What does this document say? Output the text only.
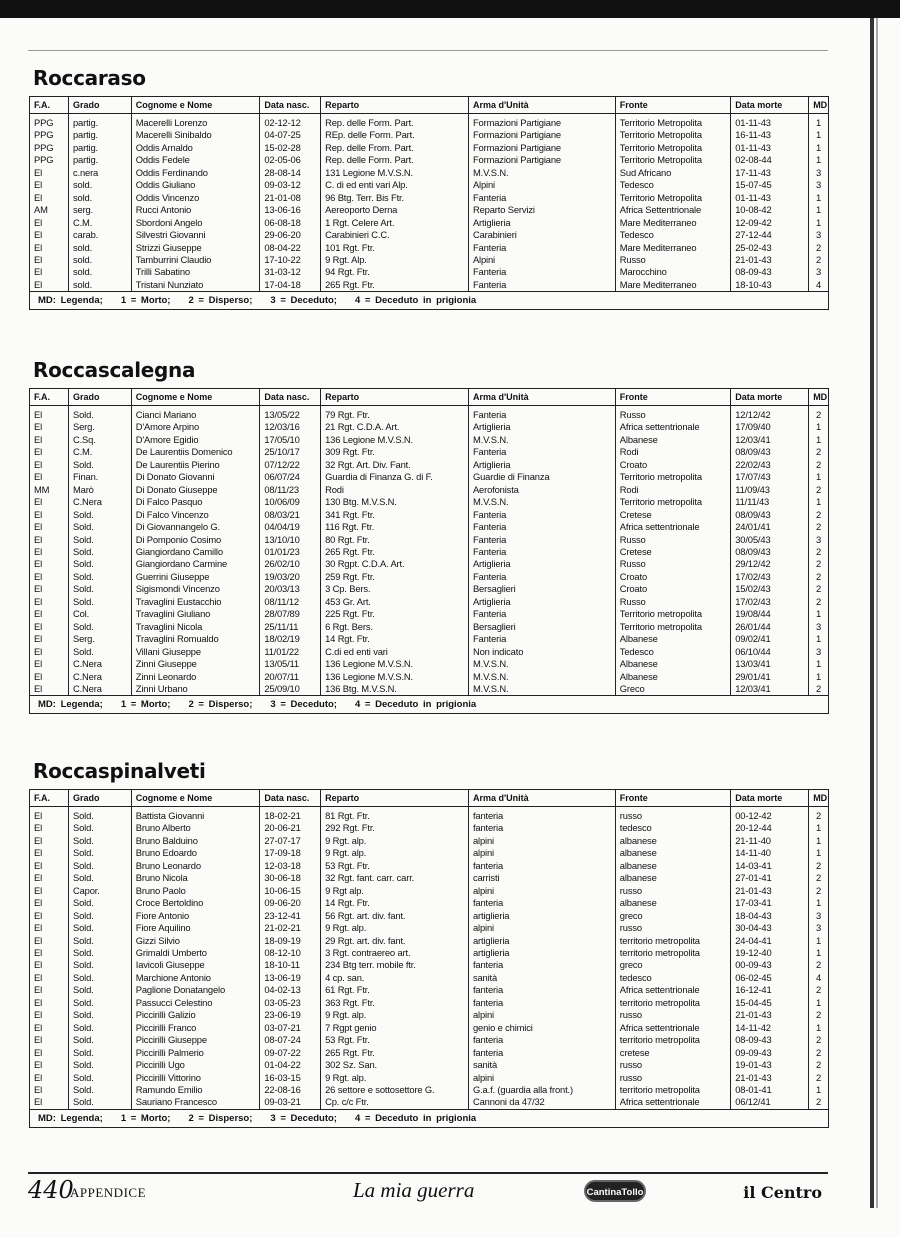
Roccaraso
F.A.	Grado	Cognome e Nome	Data nasc.	Reparto	Arma d'Unità	Fronte	Data morte	MD
PPG	partig.	Macerelli Lorenzo	02-12-12	Rep. delle Form. Part.	Formazioni Partigiane	Territorio Metropolita	01-11-43	1
PPG	partig.	Macerelli Sinibaldo	04-07-25	REp. delle Form. Part.	Formazioni Partigiane	Territorio Metropolita	16-11-43	1
PPG	partig.	Oddis Arnaldo	15-02-28	Rep. delle From. Part.	Formazioni Partigiane	Territorio Metropolita	01-11-43	1
PPG	partig.	Oddis Fedele	02-05-06	Rep. delle Form. Part.	Formazioni Partigiane	Territorio Metropolita	02-08-44	1
El	c.nera	Oddis Ferdinando	28-08-14	131 Legione M.V.S.N.	M.V.S.N.	Sud Africano	17-11-43	3
El	sold.	Oddis Giuliano	09-03-12	C. di ed enti vari Alp.	Alpini	Tedesco	15-07-45	3
El	sold.	Oddis Vincenzo	21-01-08	96 Btg. Terr. Bis Ftr.	Fanteria	Territorio Metropolita	01-11-43	1
AM	serg.	Rucci Antonio	13-06-16	Aereoporto Derna	Reparto Servizi	Africa Settentrionale	10-08-42	1
El	C.M.	Sbordoni Angelo	06-08-18	1 Rgt. Celere Art.	Artiglieria	Mare Mediterraneo	12-09-42	1
El	carab.	Silvestri Giovanni	29-06-20	Carabinieri C.C.	Carabinieri	Tedesco	27-12-44	3
El	sold.	Strizzi Giuseppe	08-04-22	101 Rgt. Ftr.	Fanteria	Mare Mediterraneo	25-02-43	2
El	sold.	Tamburrini Claudio	17-10-22	9 Rgt. Alp.	Alpini	Russo	21-01-43	2
El	sold.	Trilli Sabatino	31-03-12	94 Rgt. Ftr.	Fanteria	Marocchino	08-09-43	3
El	sold.	Tristani Nunziato	17-04-18	265 Rgt. Ftr.	Fanteria	Mare Mediterraneo	18-10-43	4
MD: Legenda; 1 = Morto; 2 = Disperso; 3 = Deceduto; 4 = Deceduto in prigionia
Roccascalegna
F.A.	Grado	Cognome e Nome	Data nasc.	Reparto	Arma d'Unità	Fronte	Data morte	MD
El	Sold.	Cianci Mariano	13/05/22	79 Rgt. Ftr.	Fanteria	Russo	12/12/42	2
El	Serg.	D'Amore Arpino	12/03/16	21 Rgt. C.D.A. Art.	Artiglieria	Africa settentrionale	17/09/40	1
El	C.Sq.	D'Amore Egidio	17/05/10	136 Legione M.V.S.N.	M.V.S.N.	Albanese	12/03/41	1
El	C.M.	De Laurentiis Domenico	25/10/17	309 Rgt. Ftr.	Fanteria	Rodi	08/09/43	2
El	Sold.	De Laurentiis Pierino	07/12/22	32 Rgt. Art. Div. Fant.	Artiglieria	Croato	22/02/43	2
El	Finan.	Di Donato Giovanni	06/07/24	Guardia di Finanza G. di F.	Guardie di Finanza	Territorio metropolita	17/07/43	1
MM	Marò	Di Donato Giuseppe	08/11/23	Rodi	Aerofonista	Rodi	11/09/43	2
El	C.Nera	Di Falco Pasquo	10/06/09	130 Btg. M.V.S.N.	M.V.S.N.	Territorio metropolita	11/11/43	1
El	Sold.	Di Falco Vincenzo	08/03/21	341 Rgt. Ftr.	Fanteria	Cretese	08/09/43	2
El	Sold.	Di Giovannangelo G.	04/04/19	116 Rgt. Ftr.	Fanteria	Africa settentrionale	24/01/41	2
El	Sold.	Di Pomponio Cosimo	13/10/10	80 Rgt. Ftr.	Fanteria	Russo	30/05/43	3
El	Sold.	Giangiordano Camillo	01/01/23	265 Rgt. Ftr.	Fanteria	Cretese	08/09/43	2
El	Sold.	Giangiordano Carmine	26/02/10	30 Rgpt. C.D.A. Art.	Artiglieria	Russo	29/12/42	2
El	Sold.	Guerrini Giuseppe	19/03/20	259 Rgt. Ftr.	Fanteria	Croato	17/02/43	2
El	Sold.	Sigismondi Vincenzo	20/03/13	3 Cp. Bers.	Bersaglieri	Croato	15/02/43	2
El	Sold.	Travaglini Eustacchio	08/11/12	453 Gr. Art.	Artiglieria	Russo	17/02/43	2
El	Col.	Travaglini Giuliano	28/07/89	225 Rgt. Ftr.	Fanteria	Territorio metropolita	19/08/44	1
El	Sold.	Travaglini Nicola	25/11/11	6 Rgt. Bers.	Bersaglieri	Territorio metropolita	26/01/44	3
El	Serg.	Travaglini Romualdo	18/02/19	14 Rgt. Ftr.	Fanteria	Albanese	09/02/41	1
El	Sold.	Villani Giuseppe	11/01/22	C.di ed enti vari	Non indicato	Tedesco	06/10/44	3
El	C.Nera	Zinni Giuseppe	13/05/11	136 Legione M.V.S.N.	M.V.S.N.	Albanese	13/03/41	1
El	C.Nera	Zinni Leonardo	20/07/11	136 Legione M.V.S.N.	M.V.S.N.	Albanese	29/01/41	1
El	C.Nera	Zinni Urbano	25/09/10	136 Btg. M.V.S.N.	M.V.S.N.	Greco	12/03/41	2
MD: Legenda; 1 = Morto; 2 = Disperso; 3 = Deceduto; 4 = Deceduto in prigionia
Roccaspinalveti
F.A.	Grado	Cognome e Nome	Data nasc.	Reparto	Arma d'Unità	Fronte	Data morte	MD
El	Sold.	Battista Giovanni	18-02-21	81 Rgt. Ftr.	fanteria	russo	00-12-42	2
El	Sold.	Bruno Alberto	20-06-21	292 Rgt. Ftr.	fanteria	tedesco	20-12-44	1
El	Sold.	Bruno Balduino	27-07-17	9 Rgt. alp.	alpini	albanese	21-11-40	1
El	Sold.	Bruno Edoardo	17-09-18	9 Rgt. alp.	alpini	albanese	14-11-40	1
El	Sold.	Bruno Leonardo	12-03-18	53 Rgt. Ftr.	fanteria	albanese	14-03-41	2
El	Sold.	Bruno Nicola	30-06-18	32 Rgt. fant. carr. carr.	carristi	albanese	27-01-41	2
El	Capor.	Bruno Paolo	10-06-15	9 Rgt alp.	alpini	russo	21-01-43	2
El	Sold.	Croce Bertoldino	09-06-20	14 Rgt. Ftr.	fanteria	albanese	17-03-41	1
El	Sold.	Fiore Antonio	23-12-41	56 Rgt. art. div. fant.	artiglieria	greco	18-04-43	3
El	Sold.	Fiore Aquilino	21-02-21	9 Rgt. alp.	alpini	russo	30-04-43	3
El	Sold.	Gizzi Silvio	18-09-19	29 Rgt. art. div. fant.	artiglieria	territorio metropolita	24-04-41	1
El	Sold.	Grimaldi Umberto	08-12-10	3 Rgt. contraereo art.	artiglieria	territorio metropolita	19-12-40	1
El	Sold.	Iavicoli Giuseppe	18-10-11	234 Btg terr. mobile ftr.	fanteria	greco	00-09-43	2
El	Sold.	Marchione Antonio	13-06-19	4 cp. san.	sanità	tedesco	06-02-45	4
El	Sold.	Paglione Donatangelo	04-02-13	61 Rgt. Ftr.	fanteria	Africa settentrionale	16-12-41	2
El	Sold.	Passucci Celestino	03-05-23	363 Rgt. Ftr.	fanteria	territorio metropolita	15-04-45	1
El	Sold.	Piccirilli Galizio	23-06-19	9 Rgt. alp.	alpini	russo	21-01-43	2
El	Sold.	Piccirilli Franco	03-07-21	7 Rgpt genio	genio e chimici	Africa settentrionale	14-11-42	1
El	Sold.	Piccirilli Giuseppe	08-07-24	53 Rgt. Ftr.	fanteria	territorio metropolita	08-09-43	2
El	Sold.	Piccirilli Palmerio	09-07-22	265 Rgt. Ftr.	fanteria	cretese	09-09-43	2
El	Sold.	Piccirilli Ugo	01-04-22	302 Sz. San.	sanità	russo	19-01-43	2
El	Sold.	Piccirilli Vittorino	16-03-15	9 Rgt. alp.	alpini	russo	21-01-43	2
El	Sold.	Ramundo Emilio	22-08-16	26 settore e sottosettore G.	G.a.f. (guardia alla front.)	territorio metropolita	08-01-41	1
El	Sold.	Sauriano Francesco	09-03-21	Cp. c/c Ftr.	Cannoni da 47/32	Africa settentrionale	06/12/41	2
MD: Legenda; 1 = Morto; 2 = Disperso; 3 = Deceduto; 4 = Deceduto in prigionia
440
APPENDICE	La mia guerra	CantinaTollo	il Centro
